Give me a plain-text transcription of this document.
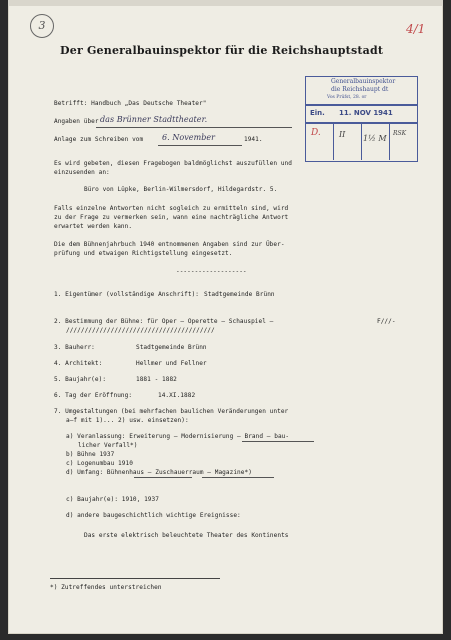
3	4/1
Der Generalbauinspektor für die Reichshauptstadt
Generalbauinspektor
die Reichshaupt dt
Vos Prüfst, 28. or
Ein. 11. NOV 1941
D. II 1½ M
RSK
Betrifft: Handbuch „Das Deutsche Theater"
Angaben über das Brünner Stadttheater.
Anlage zum Schreiben vom 6. November	1941.
Es wird gebeten, diesen Fragebogen baldmöglichst auszufüllen und
einzusenden an:
Büro von Lüpke, Berlin-Wilmersdorf, Hildegardstr. 5.
Falls einzelne Antworten nicht sogleich zu ermitteln sind, wird
zu der Frage zu vermerken sein, wann eine nachträgliche Antwort
erwartet werden kann.
Die dem Bühnenjahrbuch 1940 entnommenen Angaben sind zur Über-
prüfung und etwaigen Richtigstellung eingesetzt.
-------------------
1. Eigentümer (vollständige Anschrift): Stadtgemeinde Brünn
2. Bestimmung der Bühne: für Oper — Operette — Schauspiel —	F///-
////////////////////////////////////////
3. Bauherr:	Stadtgemeinde Brünn
4. Architekt:	Hellmer und Fellner
5. Baujahr(e):	1881 - 1882
6. Tag der Eröffnung:	14.XI.1882
7. Umgestaltungen (bei mehrfachen baulichen Veränderungen unter
a—f mit 1)... 2) usw. einsetzen):
a) Veranlassung: Erweiterung — Modernisierung — Brand — bau-
licher Verfall*)
b) Bühne 1937
c) Logenumbau 1910
d) Umfang: Bühnenhaus — Zuschauerraum — Magazine*)
c) Baujahr(e): 1910, 1937
d) andere baugeschichtlich wichtige Ereignisse:
Das erste elektrisch beleuchtete Theater des Kontinents
*) Zutreffendes unterstreichen
